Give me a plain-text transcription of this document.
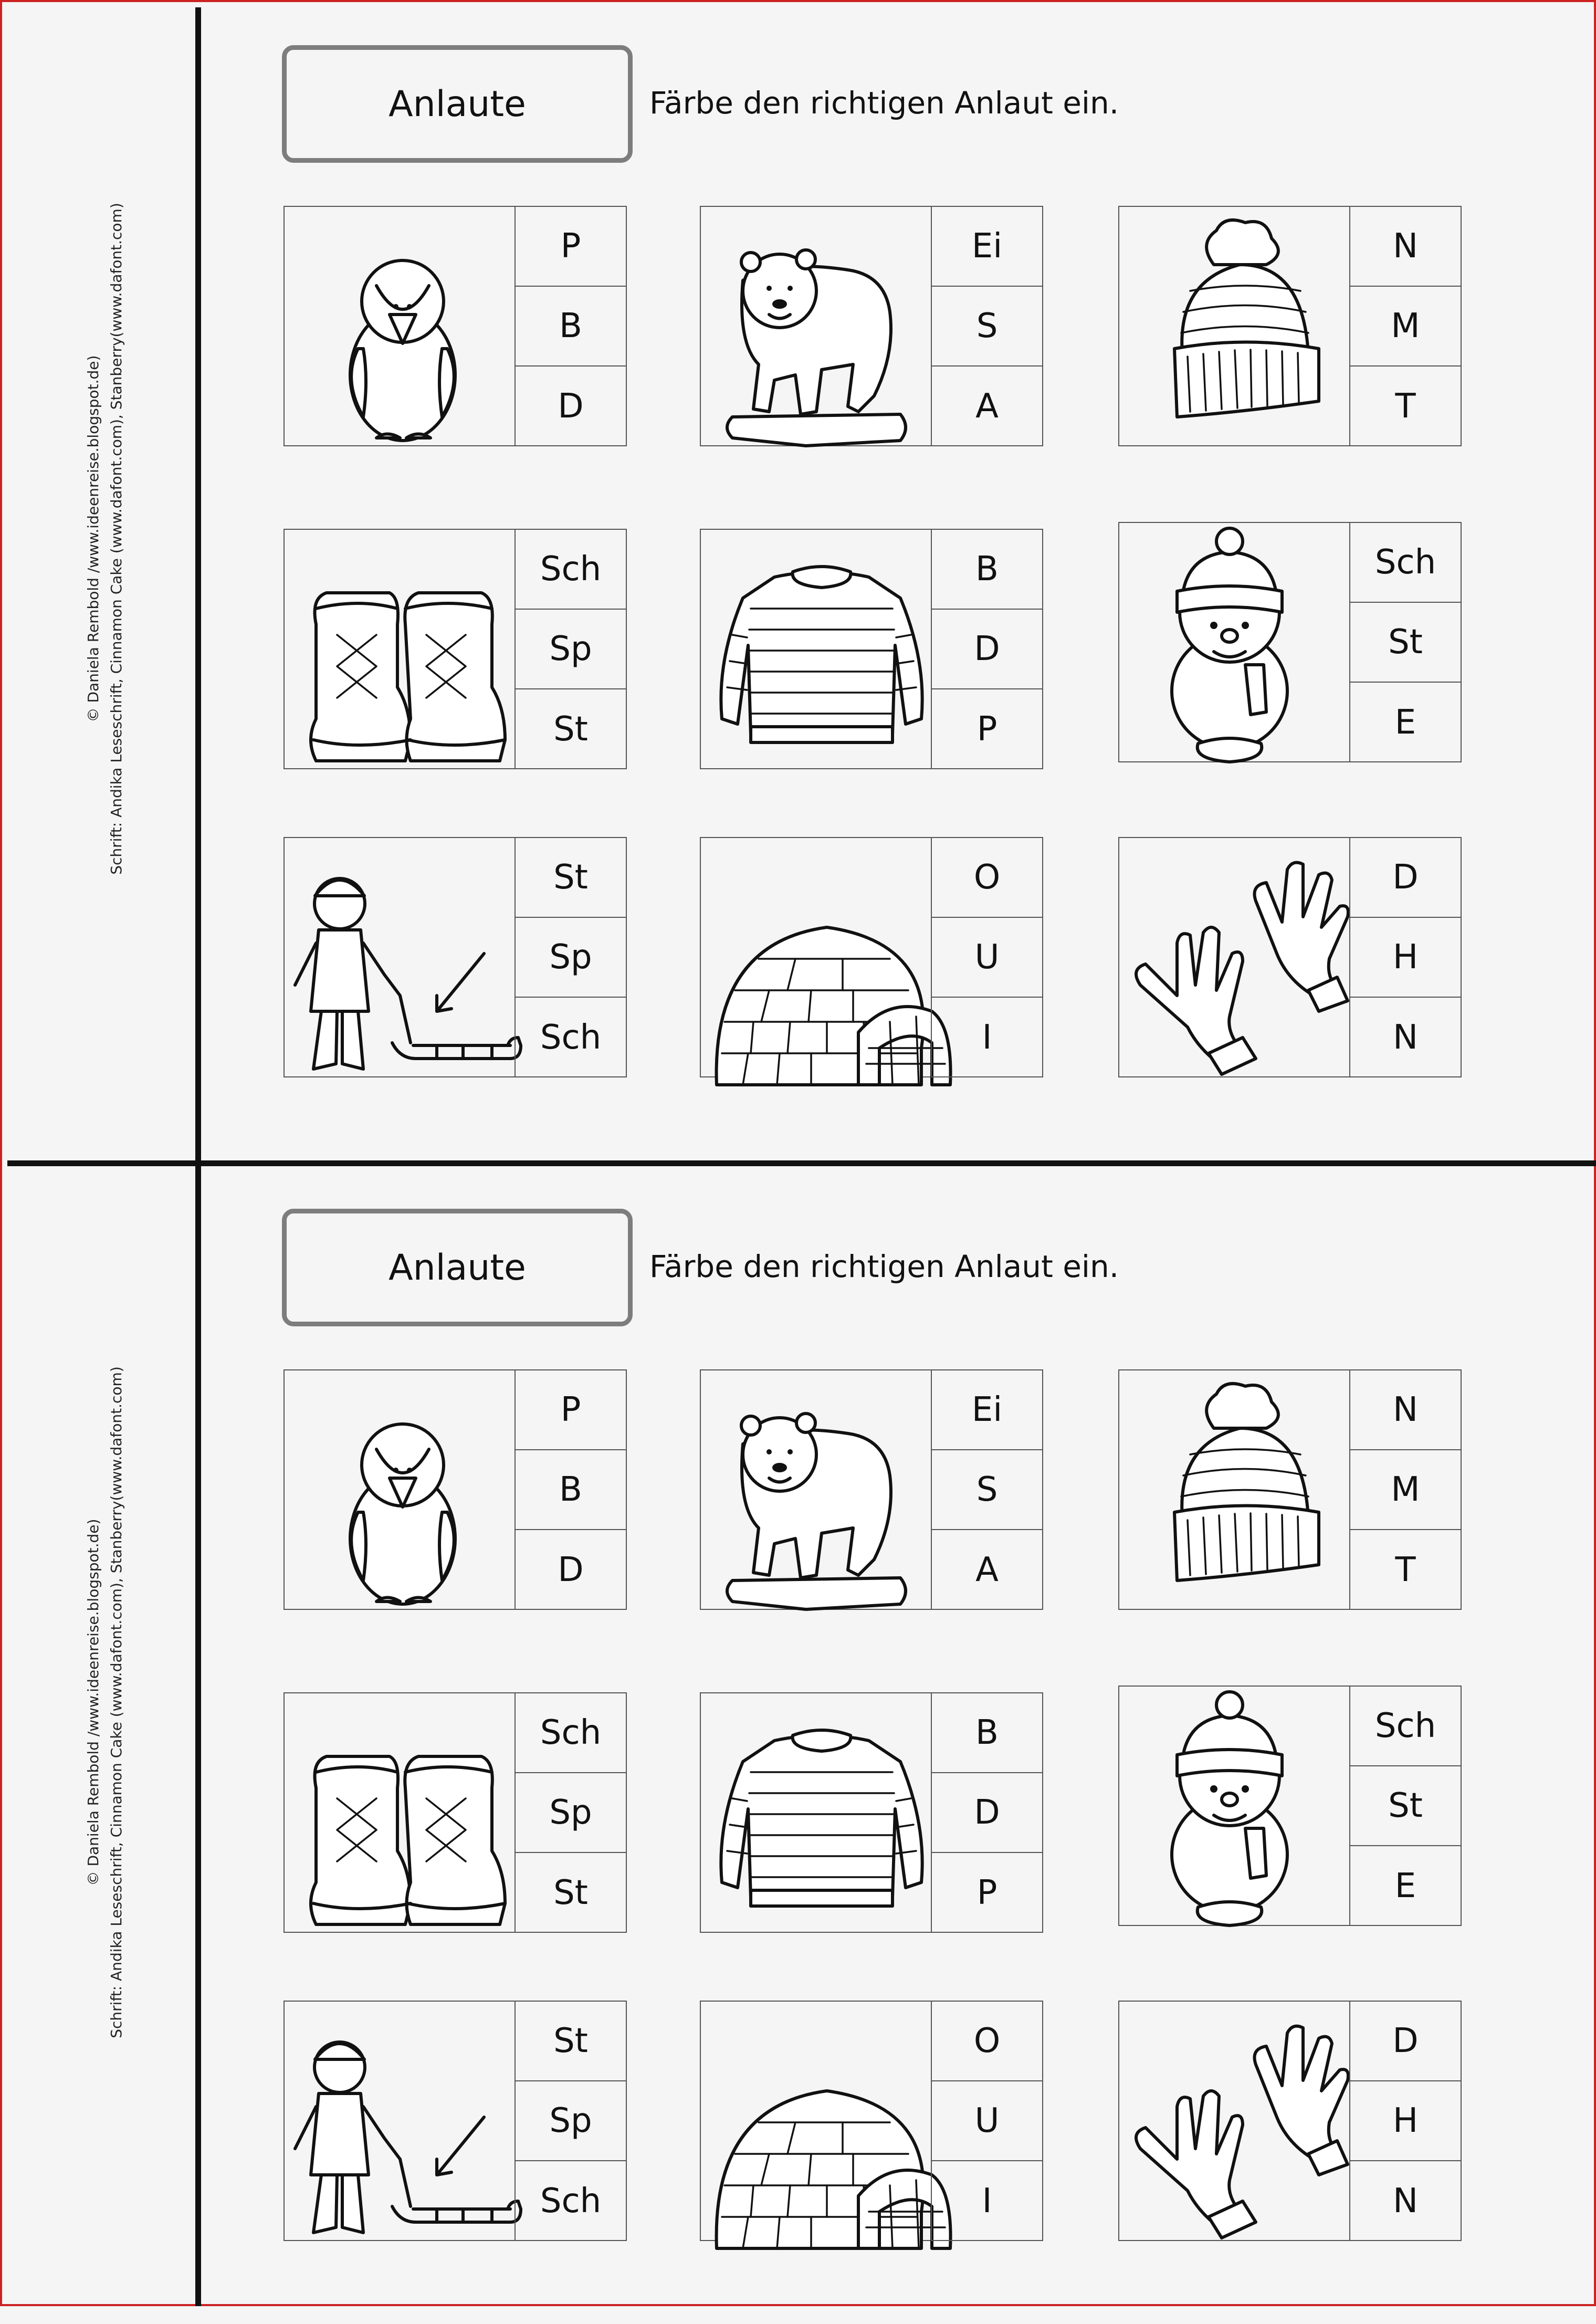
© Daniela Rembold /www.ideenreise.blogspot.de) Schrift: Andika Leseschrift, Cinnamon Cake (www.dafont.com), Stanberry(www.dafont.com)
Anlaute	Färbe den richtigen Anlaut ein.
P
B
D
Ei
S
A
N
M
T
Sch
Sp
St
B
D
P
Sch
St
E
St
Sp
Sch
O
U
I
D
H
N
© Daniela Rembold /www.ideenreise.blogspot.de) Schrift: Andika Leseschrift, Cinnamon Cake (www.dafont.com), Stanberry(www.dafont.com)
Anlaute	Färbe den richtigen Anlaut ein.
P
B
D
Ei
S
A
N
M
T
Sch
Sp
St
B
D
P
Sch
St
E
St
Sp
Sch
O
U
I
D
H
N
